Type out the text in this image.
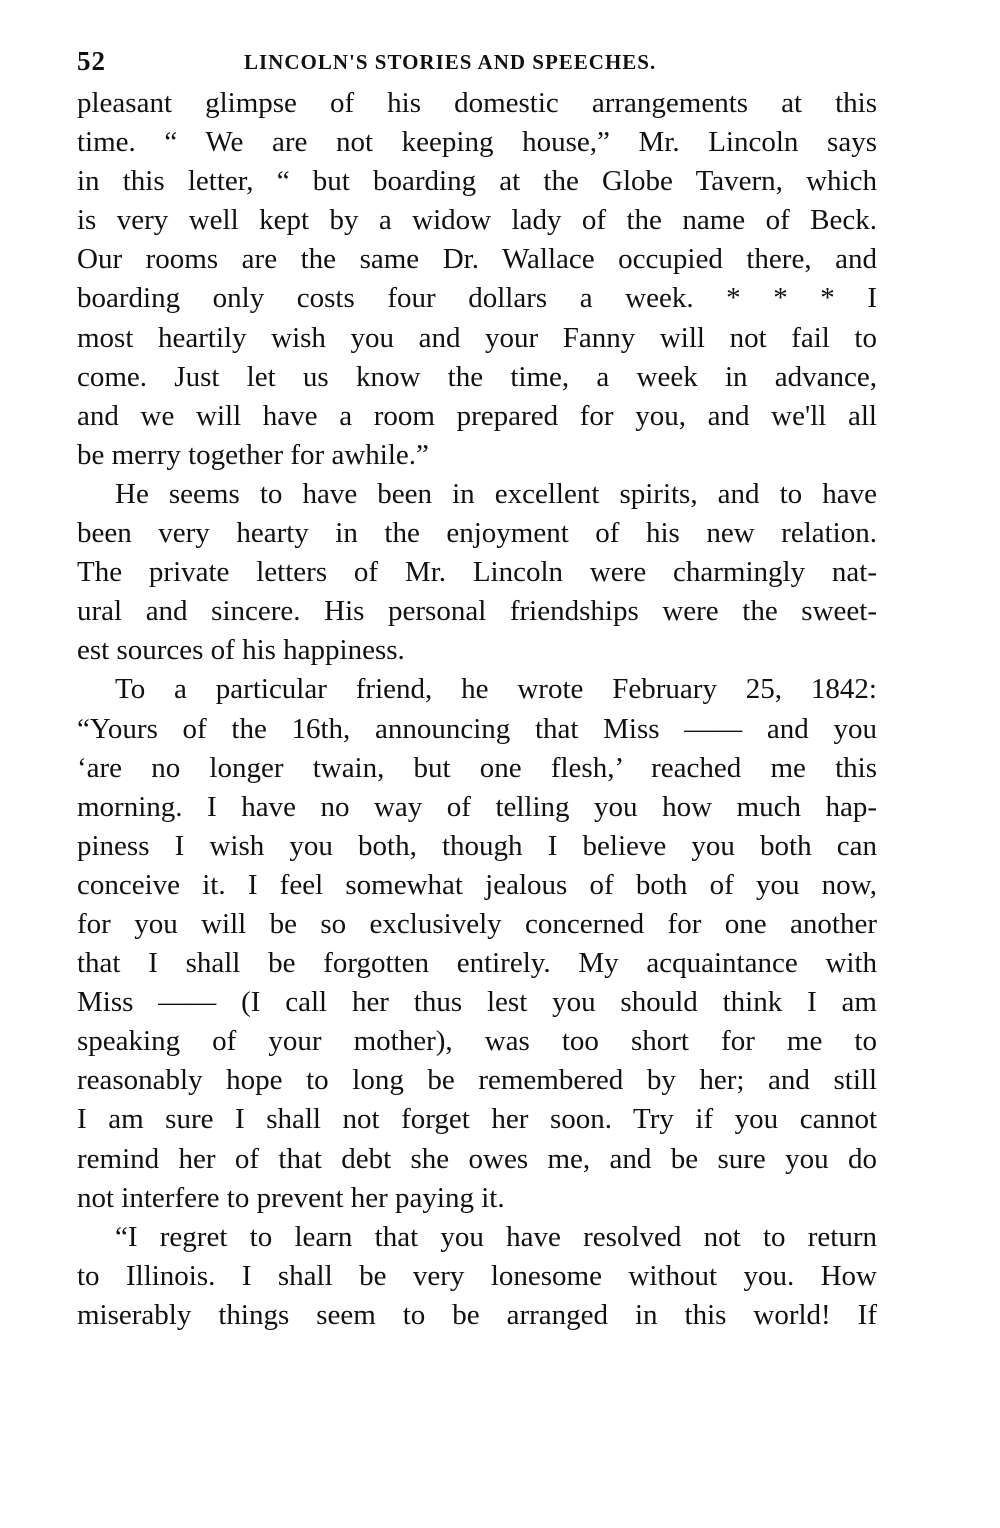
52	LINCOLN'S STORIES AND SPEECHES.
pleasant glimpse of his domestic arrangements at this
time. “ We are not keeping house,” Mr. Lincoln says
in this letter, “ but boarding at the Globe Tavern, which
is very well kept by a widow lady of the name of Beck.
Our rooms are the same Dr. Wallace occupied there, and
boarding only costs four dollars a week. * * * I
most heartily wish you and your Fanny will not fail to
come. Just let us know the time, a week in advance,
and we will have a room prepared for you, and we'll all
be merry together for awhile.”
He seems to have been in excellent spirits, and to have
been very hearty in the enjoyment of his new relation.
The private letters of Mr. Lincoln were charmingly nat-
ural and sincere. His personal friendships were the sweet-
est sources of his happiness.
To a particular friend, he wrote February 25, 1842:
“Yours of the 16th, announcing that Miss —— and you
‘are no longer twain, but one flesh,’ reached me this
morning. I have no way of telling you how much hap-
piness I wish you both, though I believe you both can
conceive it. I feel somewhat jealous of both of you now,
for you will be so exclusively concerned for one another
that I shall be forgotten entirely. My acquaintance with
Miss —— (I call her thus lest you should think I am
speaking of your mother), was too short for me to
reasonably hope to long be remembered by her; and still
I am sure I shall not forget her soon. Try if you cannot
remind her of that debt she owes me, and be sure you do
not interfere to prevent her paying it.
“I regret to learn that you have resolved not to return
to Illinois. I shall be very lonesome without you. How
miserably things seem to be arranged in this world! If
